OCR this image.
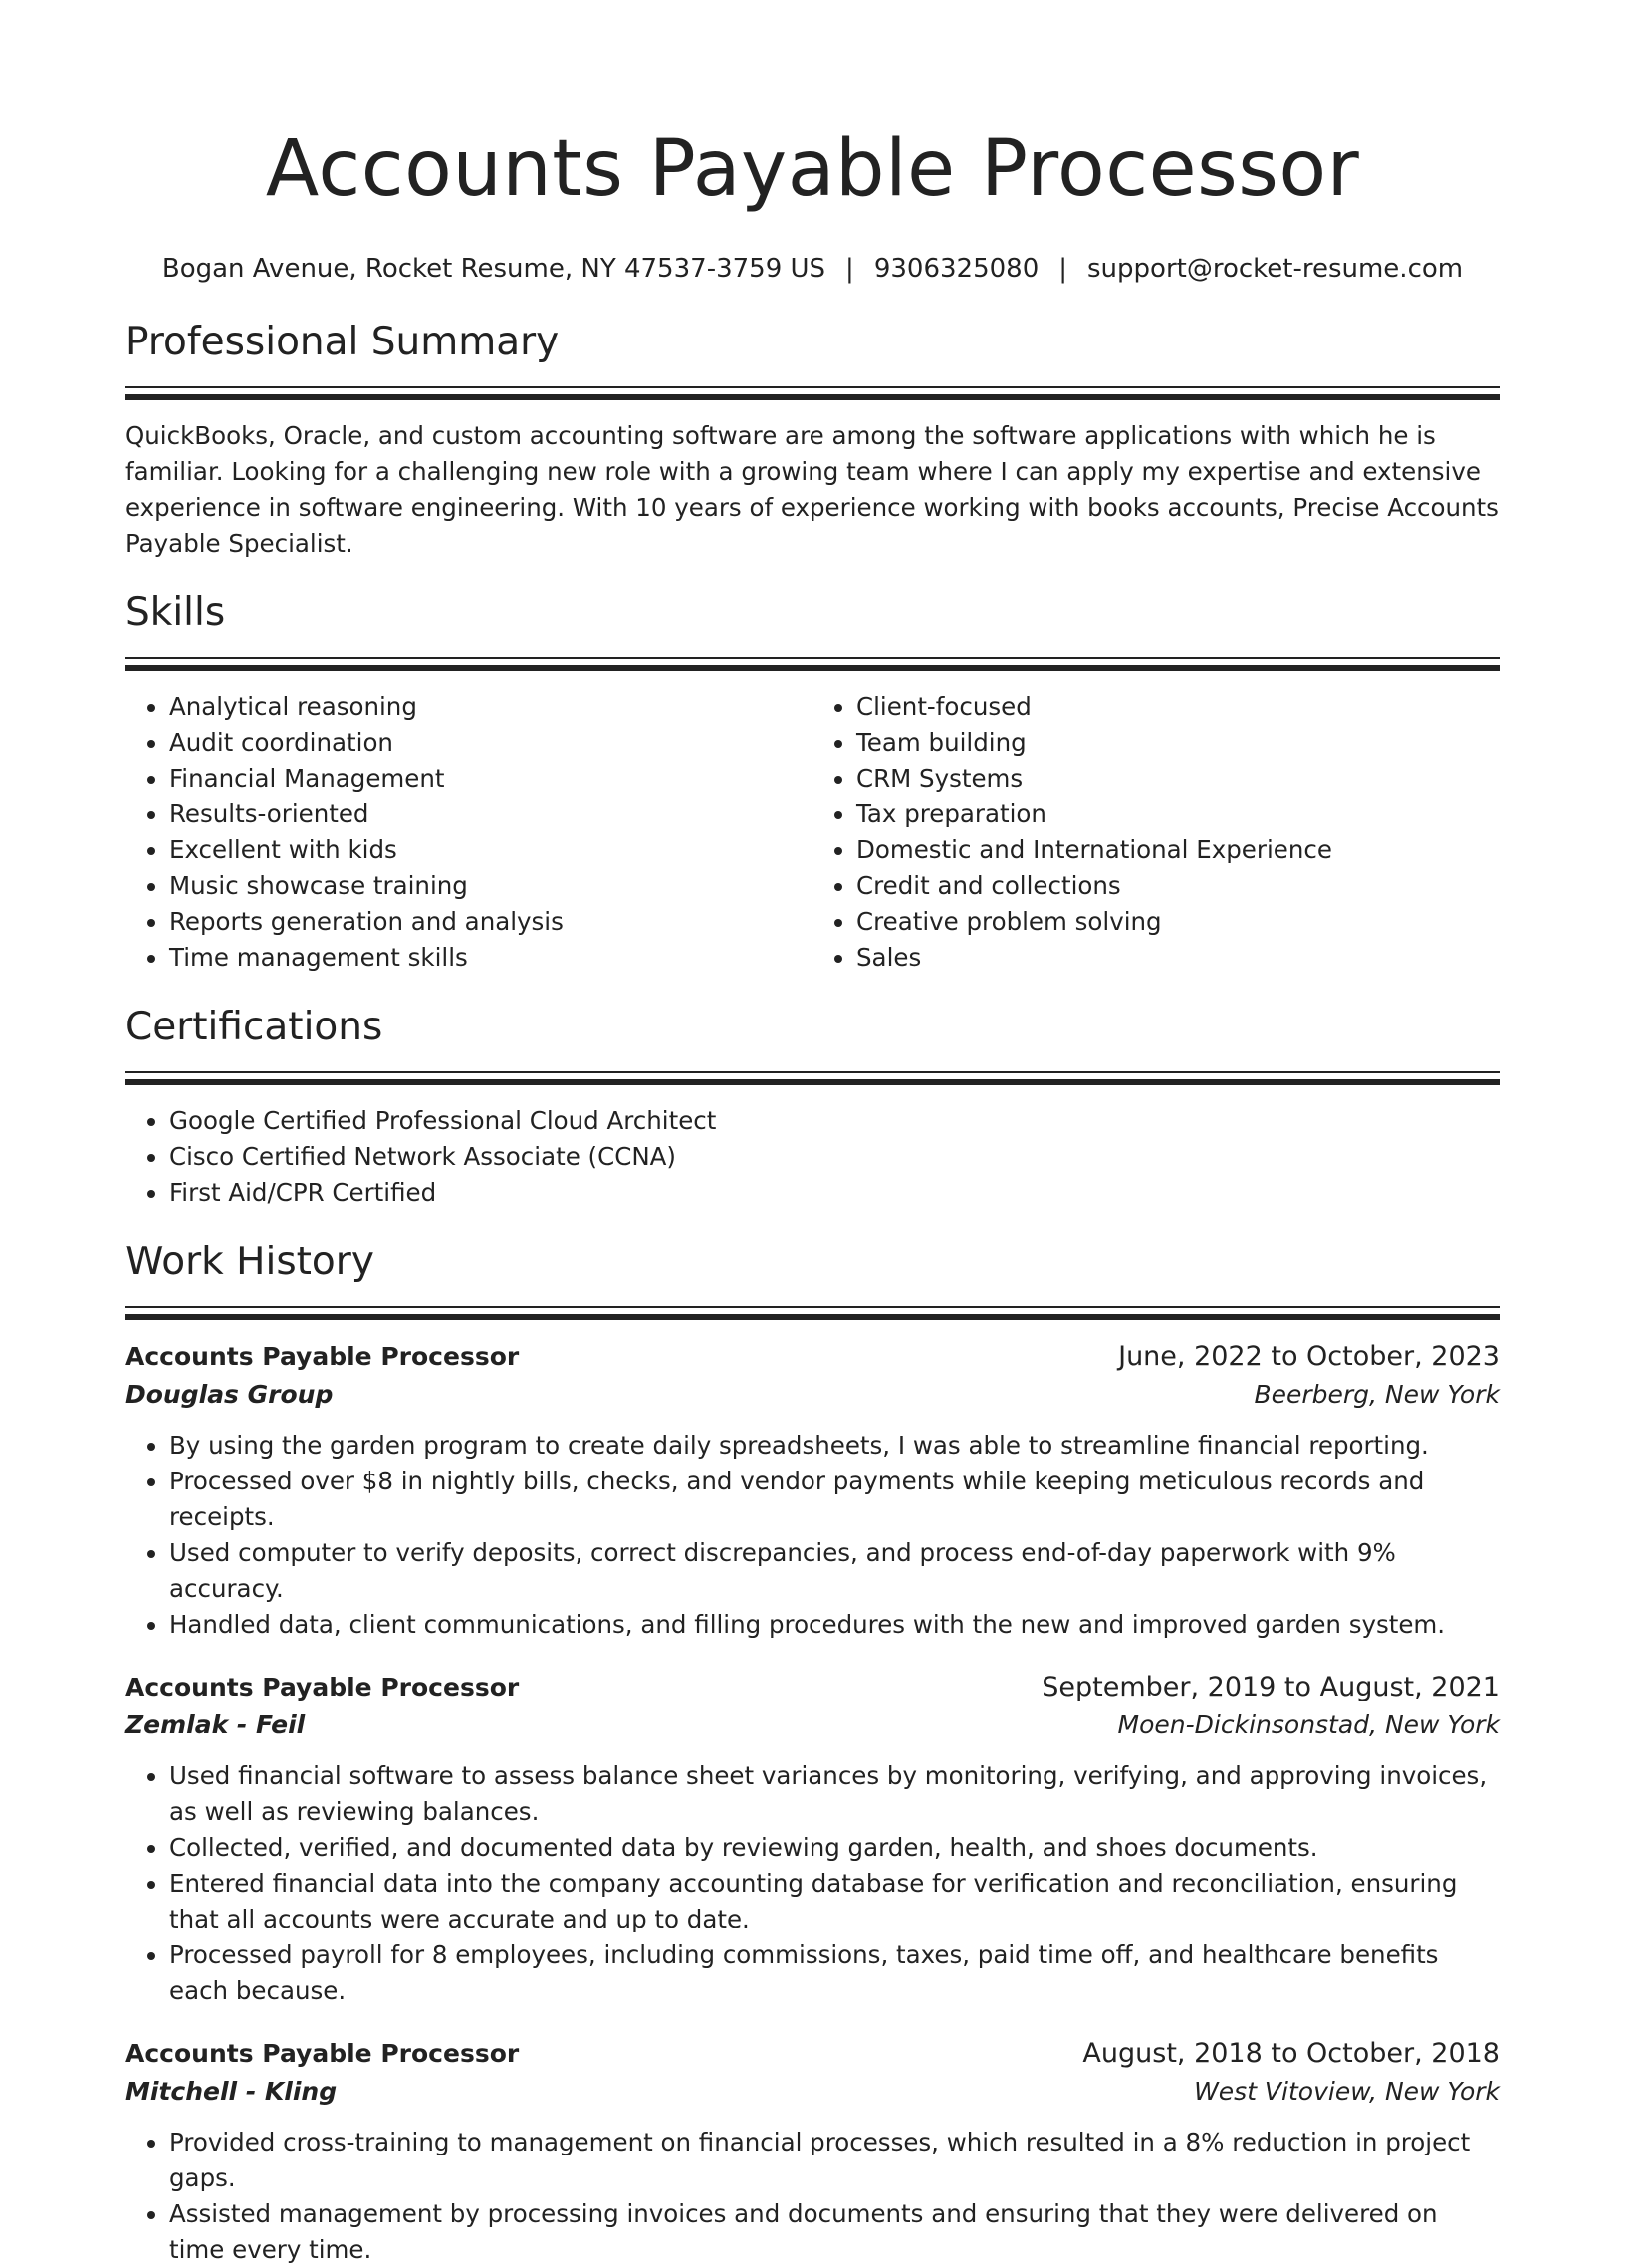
Accounts Payable Processor
Bogan Avenue, Rocket Resume, NY 47537-3759 US | 9306325080 | support@rocket-resume.com
Professional Summary

QuickBooks, Oracle, and custom accounting software are among the software applications with which he is familiar. Looking for a challenging new role with a growing team where I can apply my expertise and extensive experience in software engineering. With 10 years of experience working with books accounts, Precise Accounts Payable Specialist.

Skills
• Analytical reasoning
• Audit coordination
• Financial Management
• Results-oriented
• Excellent with kids
• Music showcase training
• Reports generation and analysis
• Time management skills
• Client-focused
• Team building
• CRM Systems
• Tax preparation
• Domestic and International Experience
• Credit and collections
• Creative problem solving
• Sales
Certifications
• Google Certified Professional Cloud Architect
• Cisco Certified Network Associate (CCNA)
• First Aid/CPR Certified
Work History
Accounts Payable Processor	June, 2022 to October, 2023
Douglas Group	Beerberg, New York
• By using the garden program to create daily spreadsheets, I was able to streamline financial reporting.
• Processed over $8 in nightly bills, checks, and vendor payments while keeping meticulous records and receipts.
• Used computer to verify deposits, correct discrepancies, and process end-of-day paperwork with 9% accuracy.
• Handled data, client communications, and filling procedures with the new and improved garden system.
Accounts Payable Processor	September, 2019 to August, 2021
Zemlak - Feil	Moen-Dickinsonstad, New York
• Used financial software to assess balance sheet variances by monitoring, verifying, and approving invoices, as well as reviewing balances.
• Collected, verified, and documented data by reviewing garden, health, and shoes documents.
• Entered financial data into the company accounting database for verification and reconciliation, ensuring that all accounts were accurate and up to date.
• Processed payroll for 8 employees, including commissions, taxes, paid time off, and healthcare benefits each because.
Accounts Payable Processor	August, 2018 to October, 2018
Mitchell - Kling	West Vitoview, New York
• Provided cross-training to management on financial processes, which resulted in a 8% reduction in project gaps.
• Assisted management by processing invoices and documents and ensuring that they were delivered on time every time.
